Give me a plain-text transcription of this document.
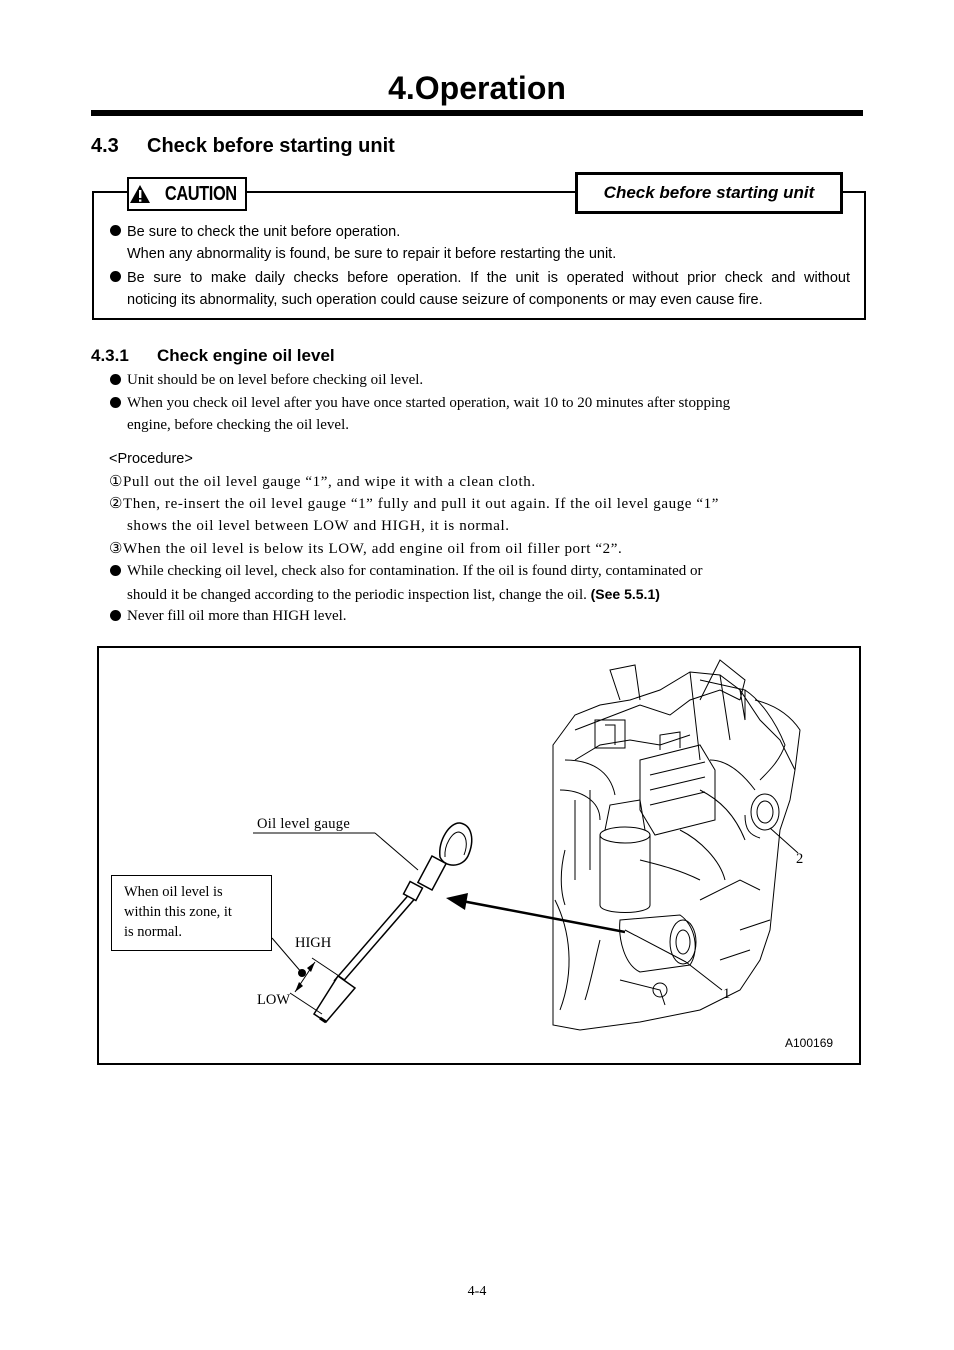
4.Operation
4.3 Check before starting unit
CAUTION	Check before starting unit
Be sure to check the unit before operation.
When any abnormality is found, be sure to repair it before restarting the unit.
Be sure to make daily checks before operation. If the unit is operated without prior check and without
noticing its abnormality, such operation could cause seizure of components or may even cause fire.
4.3.1 Check engine oil level
Unit should be on level before checking oil level.
When you check oil level after you have once started operation, wait 10 to 20 minutes after stopping
engine, before checking the oil level.
<Procedure>
①Pull out the oil level gauge “1”, and wipe it with a clean cloth.
②Then, re-insert the oil level gauge “1” fully and pull it out again. If the oil level gauge “1”
shows the oil level between LOW and HIGH, it is normal.
③When the oil level is below its LOW, add engine oil from oil filler port “2”.
While checking oil level, check also for contamination. If the oil is found dirty, contaminated or
should it be changed according to the periodic inspection list, change the oil. (See 5.5.1)
Never fill oil more than HIGH level.
When oil level is
within this zone, it
is normal.
Oil level gauge
HIGH
LOW
2
1
A100169
4-4
